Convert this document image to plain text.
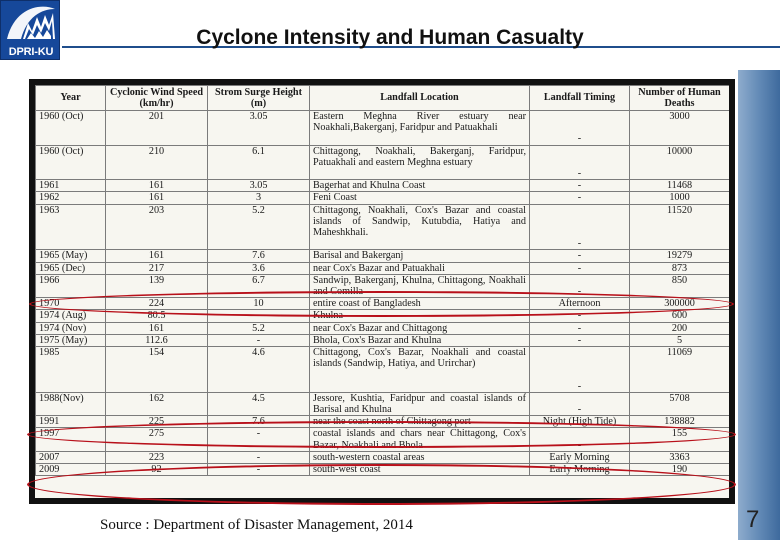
DPRI-KU
Cyclone Intensity and Human Casualty
Year	Cyclonic Wind Speed (km/hr)	Strom Surge Height (m)	Landfall Location	Landfall Timing	Number of Human Deaths
1960 (Oct)	201	3.05	Eastern Meghna River estuary near Noakhali,Bakerganj, Faridpur and Patuakhali	-	3000
1960 (Oct)	210	6.1	Chittagong, Noakhali, Bakerganj, Faridpur, Patuakhali and eastern Meghna estuary	-	10000
1961	161	3.05	Bagerhat and Khulna Coast	-	11468
1962	161	3	Feni Coast	-	1000
1963	203	5.2	Chittagong, Noakhali, Cox's Bazar and coastal islands of Sandwip, Kutubdia, Hatiya and Maheshkhali.	-	11520
1965 (May)	161	7.6	Barisal and Bakerganj	-	19279
1965 (Dec)	217	3.6	near Cox's Bazar and Patuakhali	-	873
1966	139	6.7	Sandwip, Bakerganj, Khulna, Chittagong, Noakhali and Comilla	-	850
1970	224	10	entire coast of Bangladesh	Afternoon	300000
1974 (Aug)	80.5	-	Khulna	-	600
1974 (Nov)	161	5.2	near Cox's Bazar and Chittagong	-	200
1975 (May)	112.6	-	Bhola, Cox's Bazar and Khulna	-	5
1985	154	4.6	Chittagong, Cox's Bazar, Noakhali and coastal islands (Sandwip, Hatiya, and Urirchar)	-	11069
1988(Nov)	162	4.5	Jessore, Kushtia, Faridpur and coastal islands of Barisal and Khulna	-	5708
1991	225	7.6	near the coast north of Chittagong port	Night (High Tide)	138882
1997	275	-	coastal islands and chars near Chittagong, Cox's Bazar, Noakhali and Bhola	-	155
2007	223	-	south-western coastal areas	Early Morning	3363
2009	92	-	south-west coast	Early Morning	190

Source : Department of Disaster Management, 2014	7
